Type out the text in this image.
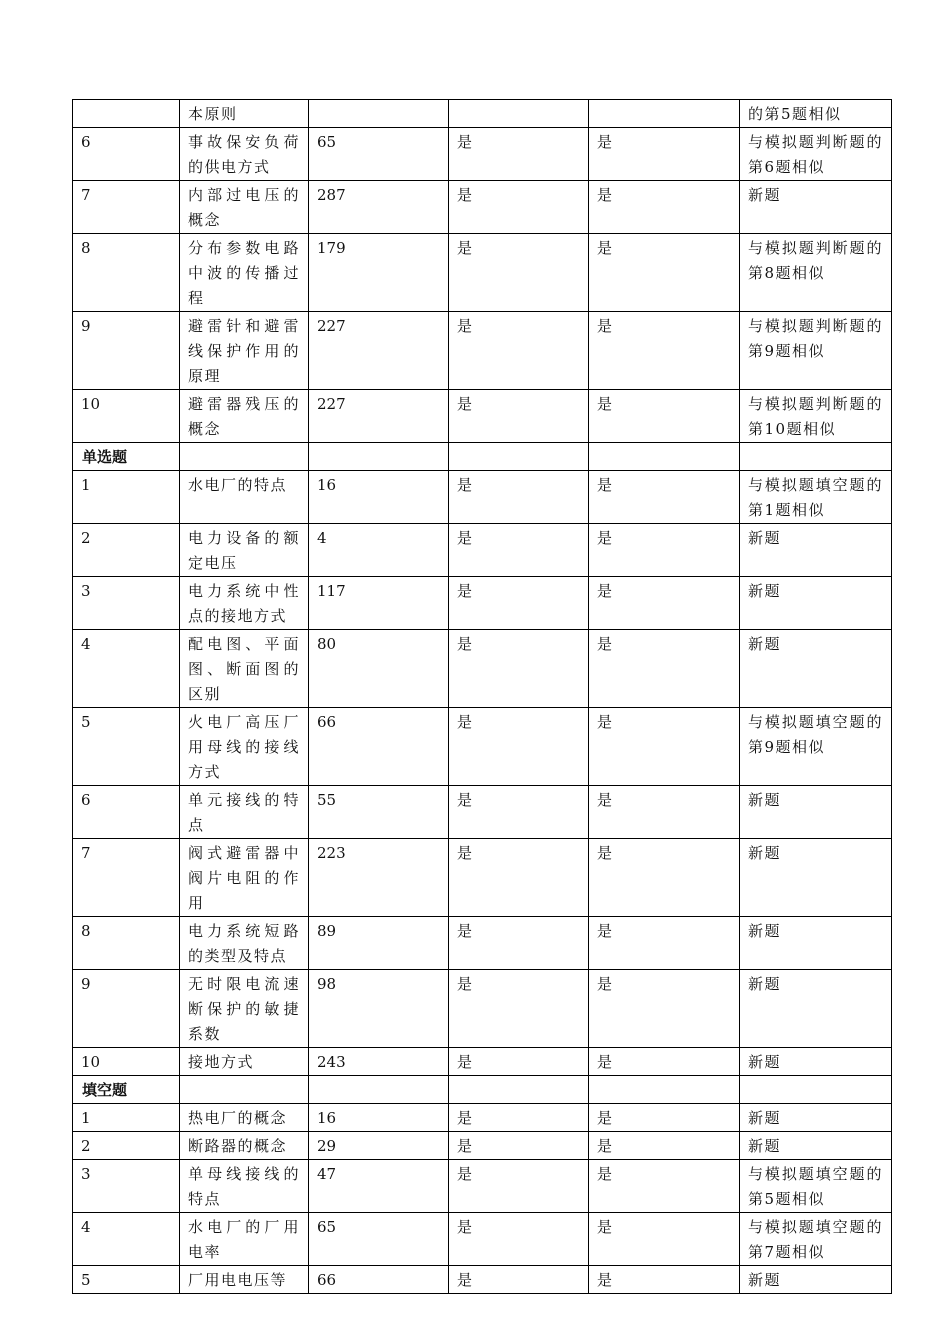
	本原则				的第5题相似
6	事故保安负荷的供电方式	65	是	是	与模拟题判断题的第6题相似
7	内部过电压的概念	287	是	是	新题
8	分布参数电路中波的传播过程	179	是	是	与模拟题判断题的第8题相似
9	避雷针和避雷线保护作用的原理	227	是	是	与模拟题判断题的第9题相似
10	避雷器残压的概念	227	是	是	与模拟题判断题的第10题相似
单选题					
1	水电厂的特点	16	是	是	与模拟题填空题的第1题相似
2	电力设备的额定电压	4	是	是	新题
3	电力系统中性点的接地方式	117	是	是	新题
4	配电图、平面图、断面图的区别	80	是	是	新题
5	火电厂高压厂用母线的接线方式	66	是	是	与模拟题填空题的第9题相似
6	单元接线的特点	55	是	是	新题
7	阀式避雷器中阀片电阻的作用	223	是	是	新题
8	电力系统短路的类型及特点	89	是	是	新题
9	无时限电流速断保护的敏捷系数	98	是	是	新题
10	接地方式	243	是	是	新题
填空题					
1	热电厂的概念	16	是	是	新题
2	断路器的概念	29	是	是	新题
3	单母线接线的特点	47	是	是	与模拟题填空题的第5题相似
4	水电厂的厂用电率	65	是	是	与模拟题填空题的第7题相似
5	厂用电电压等	66	是	是	新题
